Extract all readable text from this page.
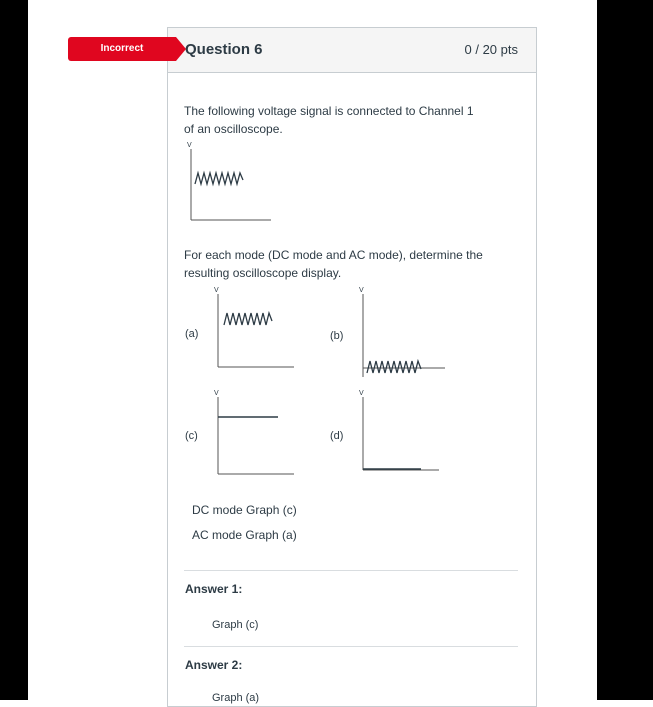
Question 6	0 / 20 pts
Incorrect

The following voltage signal is connected to Channel 1 of an oscilloscope.

V

For each mode (DC mode and AC mode), determine the resulting oscilloscope display.

(a)
V
(b)
V
(c)
V
(d)
V
DC mode Graph (c)
AC mode Graph (a)
Answer 1:
Graph (c)
Answer 2:
Graph (a)
